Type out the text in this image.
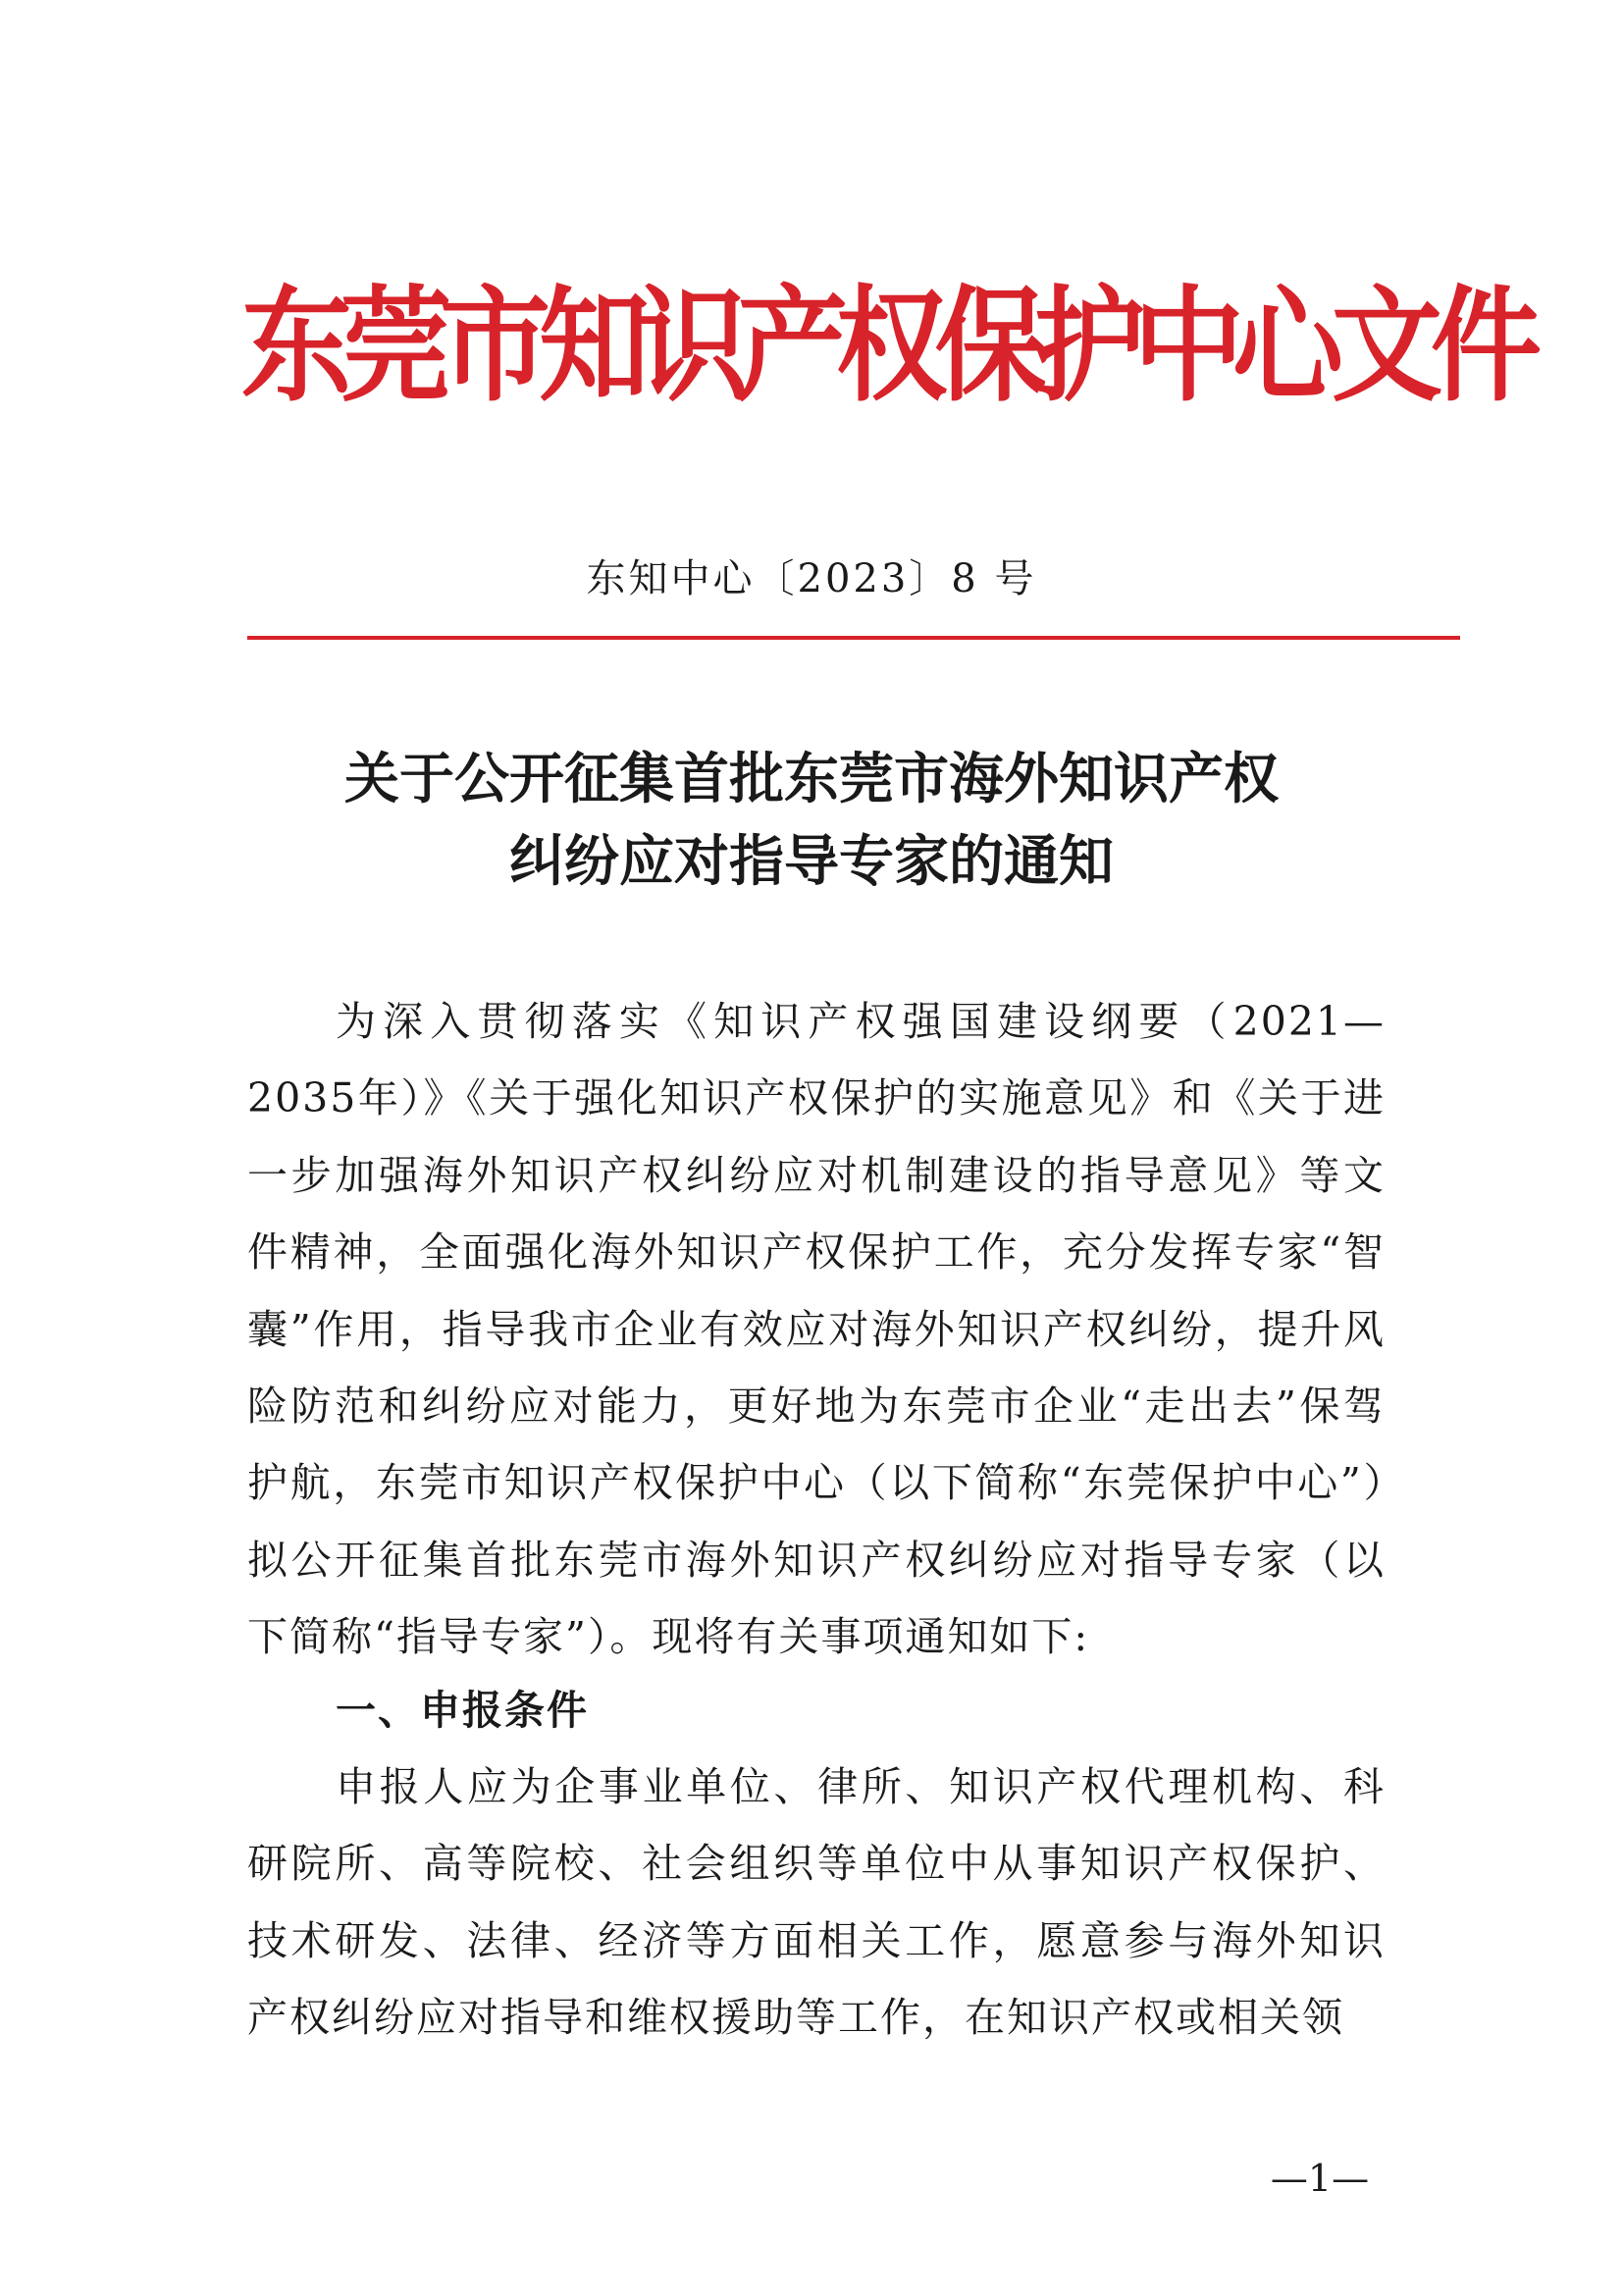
东莞市知识产权保护中心文件
东知中心〔2023〕8 号
关于公开征集首批东莞市海外知识产权
纠纷应对指导专家的通知

为深入贯彻落实《知识产权强国建设纲要（2021—2035年）》《关于强化知识产权保护的实施意见》和《关于进一步加强海外知识产权纠纷应对机制建设的指导意见》等文件精神，全面强化海外知识产权保护工作，充分发挥专家“智囊”作用，指导我市企业有效应对海外知识产权纠纷，提升风险防范和纠纷应对能力，更好地为东莞市企业“走出去”保驾护航，东莞市知识产权保护中心（以下简称“东莞保护中心”）拟公开征集首批东莞市海外知识产权纠纷应对指导专家（以下简称“指导专家”）。现将有关事项通知如下:

一、申报条件

申报人应为企事业单位、律所、知识产权代理机构、科研院所、高等院校、社会组织等单位中从事知识产权保护、技术研发、法律、经济等方面相关工作，愿意参与海外知识产权纠纷应对指导和维权援助等工作，在知识产权或相关领

—1—
